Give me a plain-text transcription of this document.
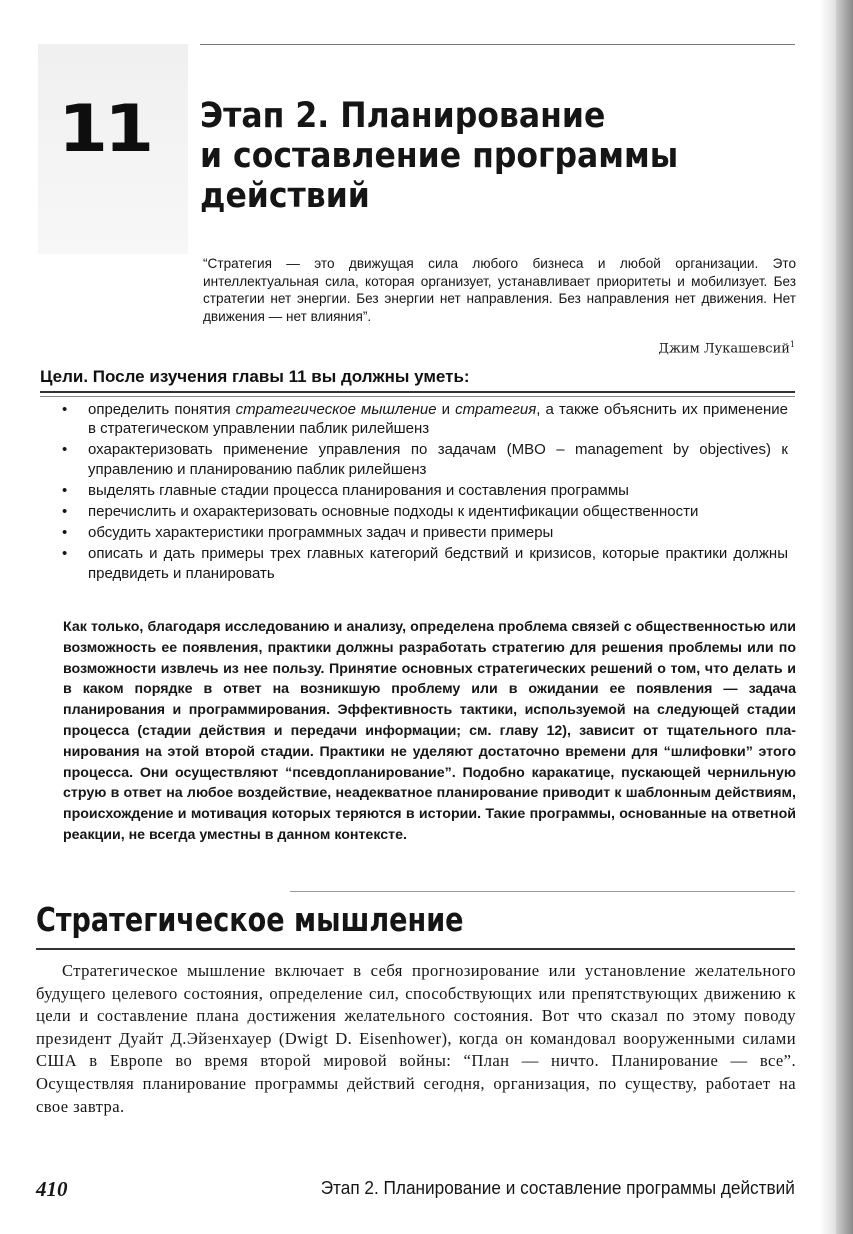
11 Этап 2. Планирование
и составление программы
действий

“Стратегия — это движущая сила любого бизнеса и любой организации. Это интеллектуальная сила, которая организует, устанавливает приоритеты и мобилизует. Без стратегии нет энергии. Без энергии нет направления. Без направления нет движения. Нет движения — нет влияния”.

Джим Лукашевсий$^1$

Цели. После изучения главы 11 вы должны уметь:
• определить понятия стратегическое мышление и стратегия, а также объяснить их применение в стратегическом управлении паблик рилейшенз
• охарактеризовать применение управления по задачам (MBO – management by objectives) к управлению и планированию паблик рилейшенз
• выделять главные стадии процесса планирования и составления программы
• перечислить и охарактеризовать основные подходы к идентификации общественности
• обсудить характеристики программных задач и привести примеры
• описать и дать примеры трех главных категорий бедствий и кризисов, которые практики должны предвидеть и планировать

Как только, благодаря исследованию и анализу, определена проблема связей с общественностью или возможность ее появления, практики должны разработать стратегию для решения проблемы или по возможности извлечь из нее пользу. Принятие основных стратегических решений о том, что делать и в каком порядке в ответ на возникшую проблему или в ожидании ее появления — задача планирования и программирования. Эффективность тактики, используемой на следующей стадии процесса (стадии действия и передачи информации; см. главу 12), зависит от тщательного планирования на этой второй стадии. Практики не уделяют достаточно времени для “шлифовки” этого процесса. Они осуществляют “псевдопланирование”. Подобно каракатице, пускающей чернильную струю в ответ на любое воздействие, неадекватное планирование приводит к шаблонным действиям, происхождение и мотивация которых теряются в истории. Такие программы, основанные на ответной реакции, не всегда уместны в данном контексте.

Стратегическое мышление

Стратегическое мышление включает в себя прогнозирование или установление желательного будущего целевого состояния, определение сил, способствующих или препятствующих движению к цели и составление плана достижения желательного состояния. Вот что сказал по этому поводу президент Дуайт Д.Эйзенхауер (Dwigt D. Eisenhower), когда он командовал вооруженными силами США в Европе во время второй мировой войны: “План — ничто. Планирование — все”. Осуществляя планирование программы действий сегодня, организация, по существу, работает на свое завтра.

410	Этап 2. Планирование и составление программы действий
